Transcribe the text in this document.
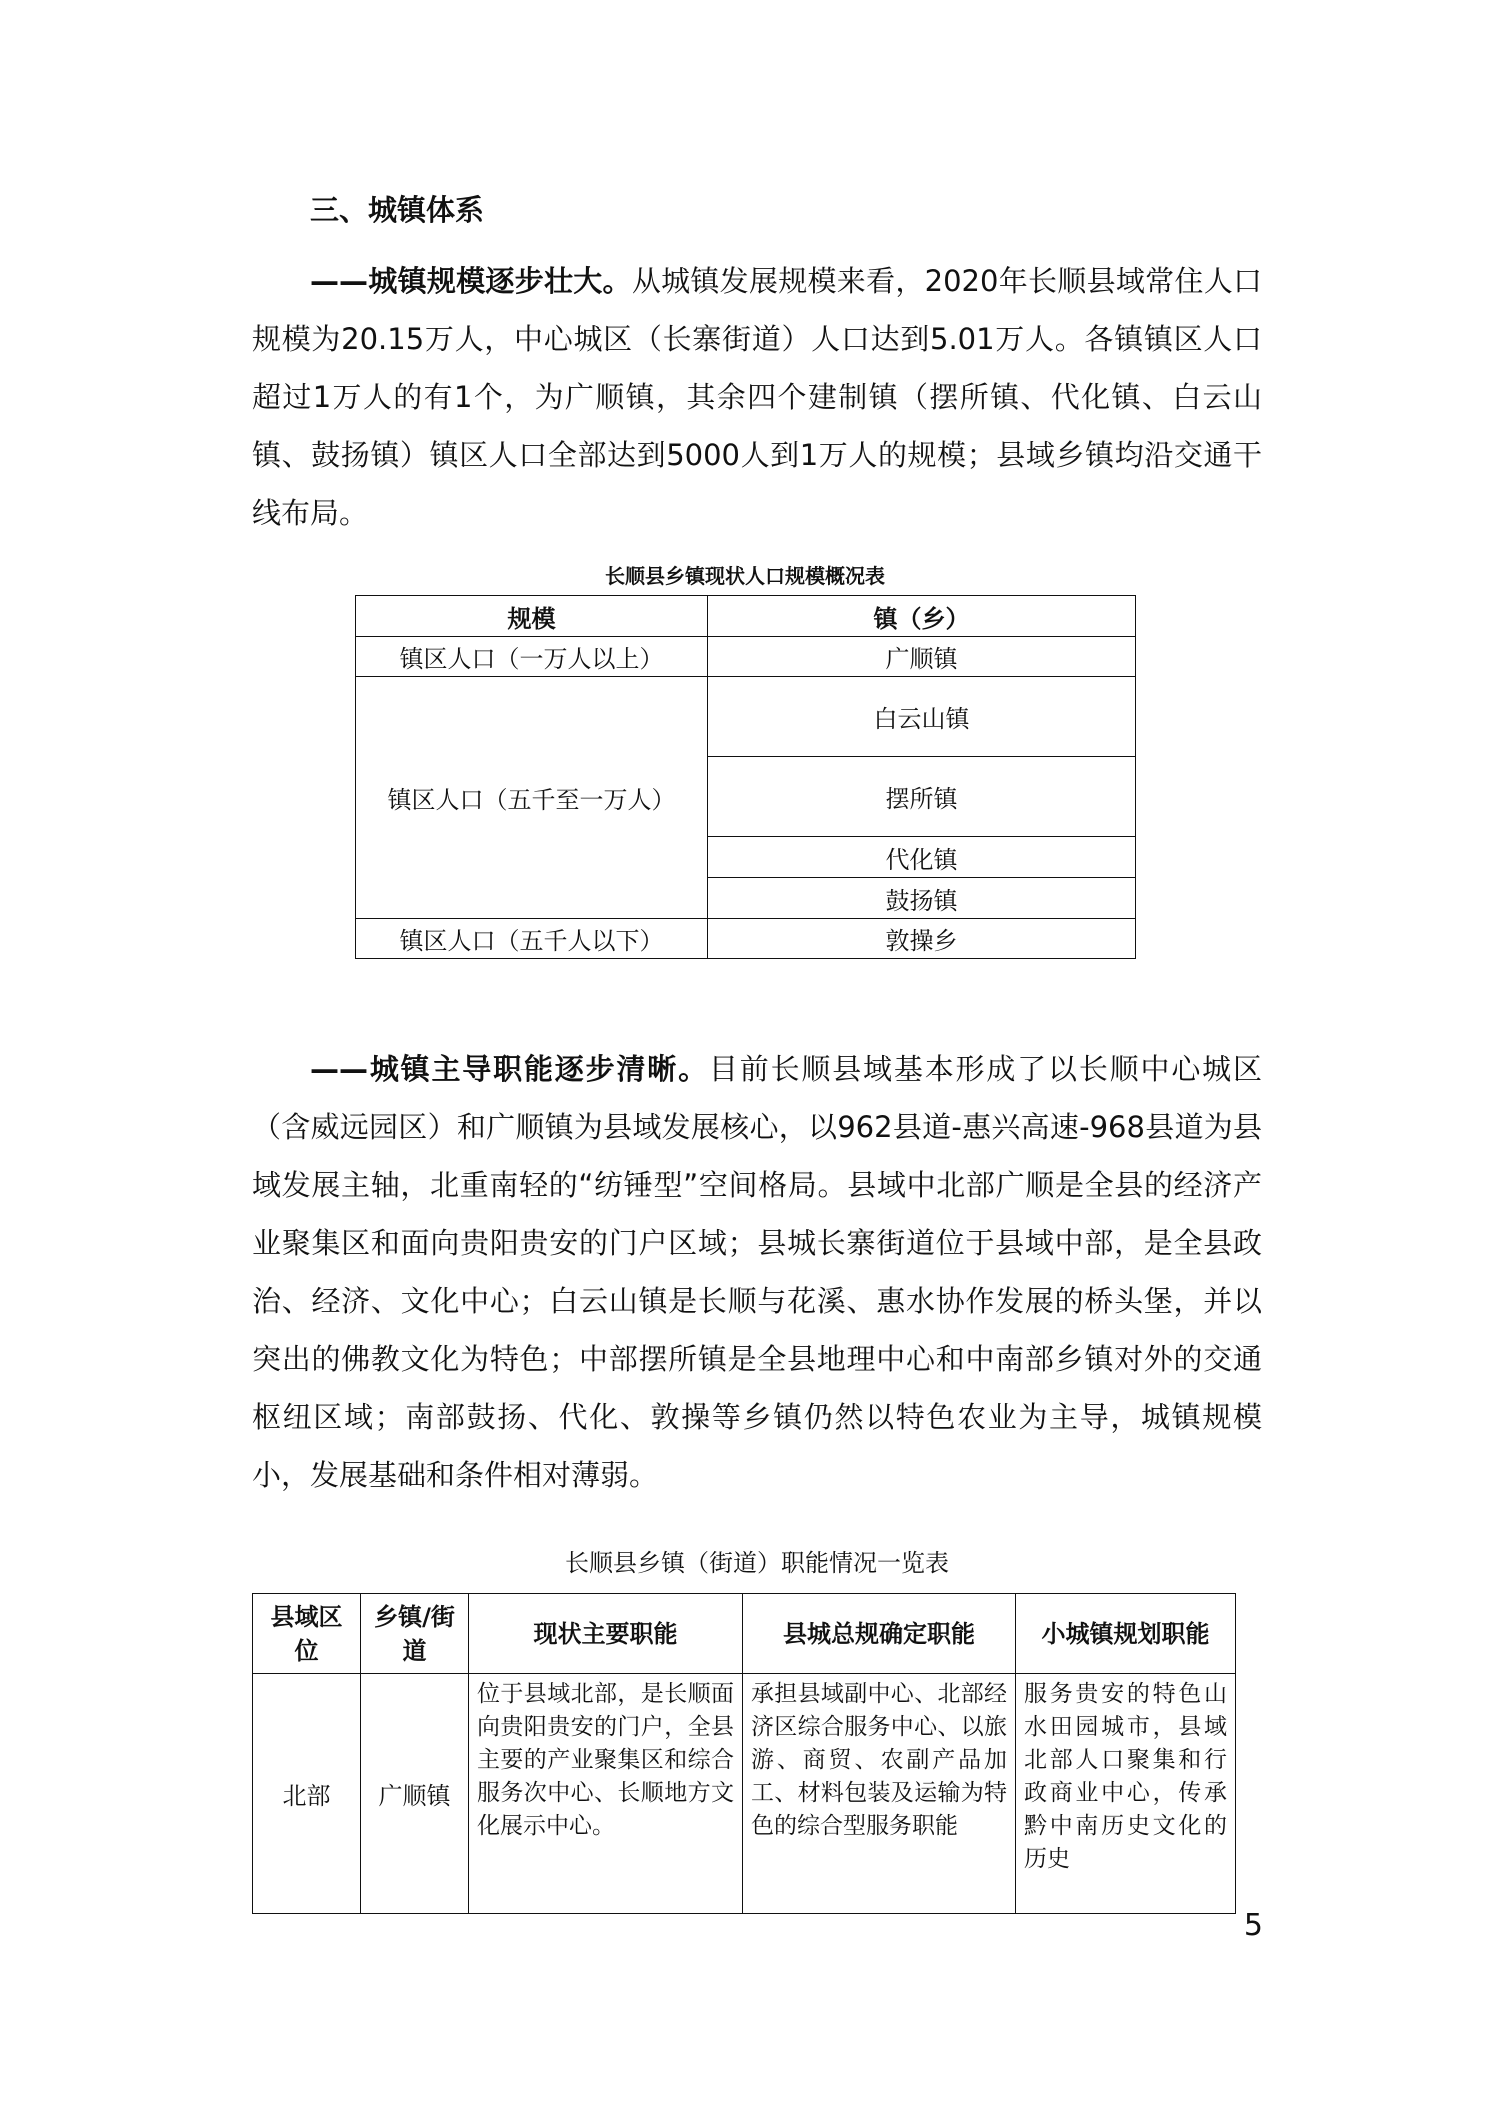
三、城镇体系
——城镇规模逐步壮大。从城镇发展规模来看，2020年长顺县域常住人口规模为20.15万人，中心城区（长寨街道）人口达到5.01万人。各镇镇区人口超过1万人的有1个，为广顺镇，其余四个建制镇（摆所镇、代化镇、白云山镇、鼓扬镇）镇区人口全部达到5000人到1万人的规模；县域乡镇均沿交通干线布局。
长顺县乡镇现状人口规模概况表
规模	镇（乡）
镇区人口（一万人以上）	广顺镇
镇区人口（五千至一万人）	白云山镇
	摆所镇
	代化镇
	鼓扬镇
镇区人口（五千人以下）	敦操乡
——城镇主导职能逐步清晰。目前长顺县域基本形成了以长顺中心城区（含威远园区）和广顺镇为县域发展核心，以962县道-惠兴高速-968县道为县域发展主轴，北重南轻的“纺锤型”空间格局。县域中北部广顺是全县的经济产业聚集区和面向贵阳贵安的门户区域；县城长寨街道位于县域中部，是全县政治、经济、文化中心；白云山镇是长顺与花溪、惠水协作发展的桥头堡，并以突出的佛教文化为特色；中部摆所镇是全县地理中心和中南部乡镇对外的交通枢纽区域；南部鼓扬、代化、敦操等乡镇仍然以特色农业为主导，城镇规模小，发展基础和条件相对薄弱。
长顺县乡镇（街道）职能情况一览表
县域区位	乡镇/街道	现状主要职能	县城总规确定职能	小城镇规划职能
北部	广顺镇	位于县域北部，是长顺面向贵阳贵安的门户，全县主要的产业聚集区和综合服务次中心、长顺地方文化展示中心。	承担县域副中心、北部经济区综合服务中心、以旅游、商贸、农副产品加工、材料包装及运输为特色的综合型服务职能	服务贵安的特色山水田园城市，县域北部人口聚集和行政商业中心，传承黔中南历史文化的历史
5
